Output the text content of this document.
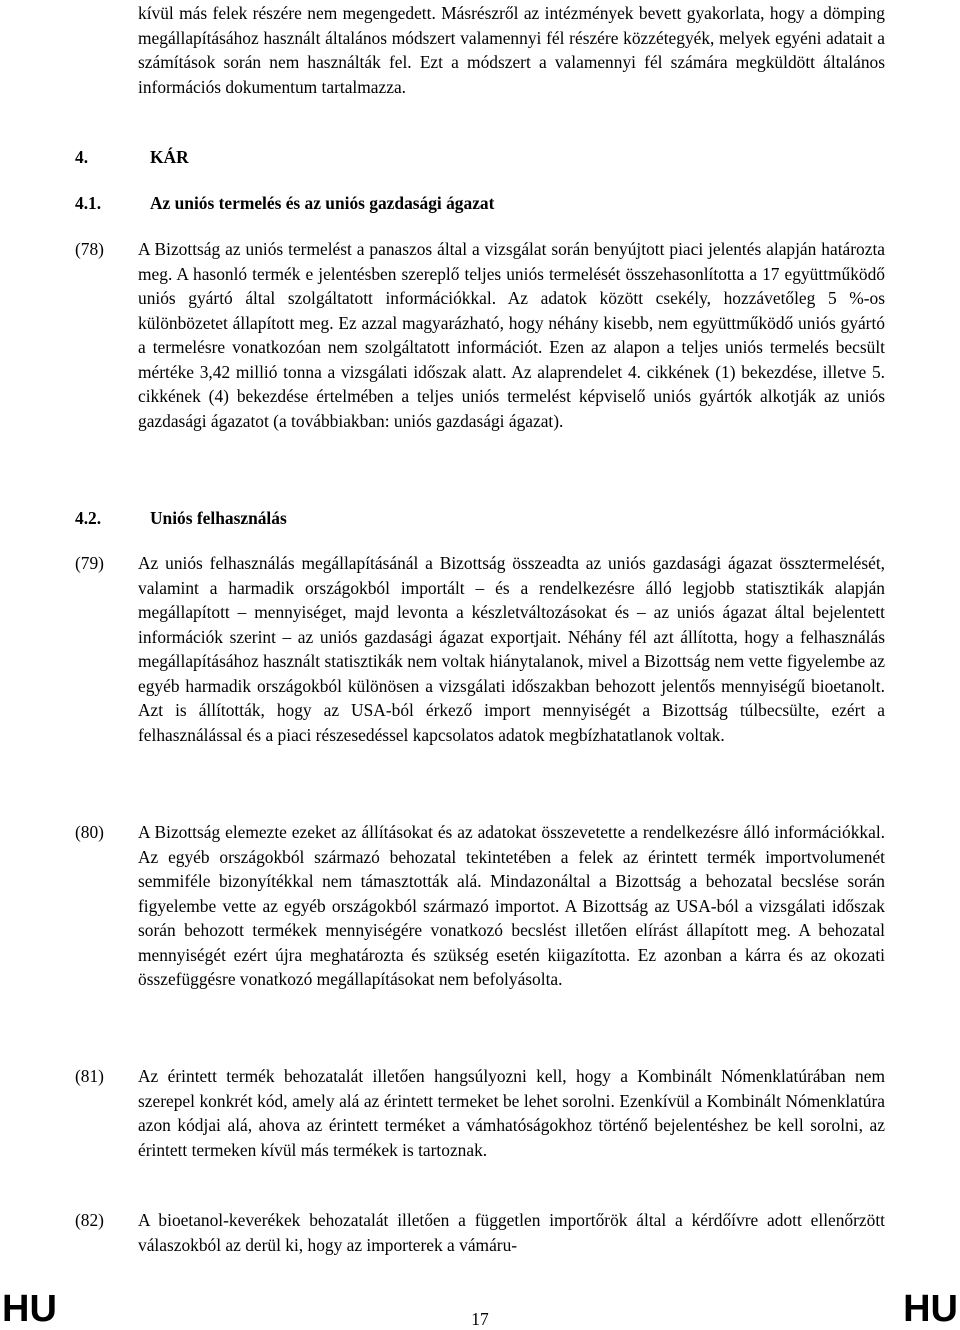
kívül más felek részére nem megengedett. Másrészről az intézmények bevett gyakorlata, hogy a dömping megállapításához használt általános módszert valamennyi fél részére közzétegyék, melyek egyéni adatait a számítások során nem használták fel. Ezt a módszert a valamennyi fél számára megküldött általános információs dokumentum tartalmazza.

4.	KÁR
4.1.	Az uniós termelés és az uniós gazdasági ágazat
(78)	A Bizottság az uniós termelést a panaszos által a vizsgálat során benyújtott piaci jelentés alapján határozta meg. A hasonló termék e jelentésben szereplő teljes uniós termelését összehasonlította a 17 együttműködő uniós gyártó által szolgáltatott információkkal. Az adatok között csekély, hozzávetőleg 5 %-os különbözetet állapított meg. Ez azzal magyarázható, hogy néhány kisebb, nem együttműködő uniós gyártó a termelésre vonatkozóan nem szolgáltatott információt. Ezen az alapon a teljes uniós termelés becsült mértéke 3,42 millió tonna a vizsgálati időszak alatt. Az alaprendelet 4. cikkének (1) bekezdése, illetve 5. cikkének (4) bekezdése értelmében a teljes uniós termelést képviselő uniós gyártók alkotják az uniós gazdasági ágazatot (a továbbiakban: uniós gazdasági ágazat).

4.2.	Uniós felhasználás
(79)	Az uniós felhasználás megállapításánál a Bizottság összeadta az uniós gazdasági ágazat össztermelését, valamint a harmadik országokból importált – és a rendelkezésre álló legjobb statisztikák alapján megállapított – mennyiséget, majd levonta a készletváltozásokat és – az uniós ágazat által bejelentett információk szerint – az uniós gazdasági ágazat exportjait. Néhány fél azt állította, hogy a felhasználás megállapításához használt statisztikák nem voltak hiánytalanok, mivel a Bizottság nem vette figyelembe az egyéb harmadik országokból különösen a vizsgálati időszakban behozott jelentős mennyiségű bioetanolt. Azt is állították, hogy az USA-ból érkező import mennyiségét a Bizottság túlbecsülte, ezért a felhasználással és a piaci részesedéssel kapcsolatos adatok megbízhatatlanok voltak.

(80)	A Bizottság elemezte ezeket az állításokat és az adatokat összevetette a rendelkezésre álló információkkal. Az egyéb országokból származó behozatal tekintetében a felek az érintett termék importvolumenét semmiféle bizonyítékkal nem támasztották alá. Mindazonáltal a Bizottság a behozatal becslése során figyelembe vette az egyéb országokból származó importot. A Bizottság az USA-ból a vizsgálati időszak során behozott termékek mennyiségére vonatkozó becslést illetően elírást állapított meg. A behozatal mennyiségét ezért újra meghatározta és szükség esetén kiigazította. Ez azonban a kárra és az okozati összefüggésre vonatkozó megállapításokat nem befolyásolta.

(81)	Az érintett termék behozatalát illetően hangsúlyozni kell, hogy a Kombinált Nómenklatúrában nem szerepel konkrét kód, amely alá az érintett termeket be lehet sorolni. Ezenkívül a Kombinált Nómenklatúra azon kódjai alá, ahova az érintett terméket a vámhatóságokhoz történő bejelentéshez be kell sorolni, az érintett termeken kívül más termékek is tartoznak.

(82)	A bioetanol-keverékek behozatalát illetően a független importőrök által a kérdőívre adott ellenőrzött válaszokból az derül ki, hogy az importerek a vámáru-

HU	17	HU
